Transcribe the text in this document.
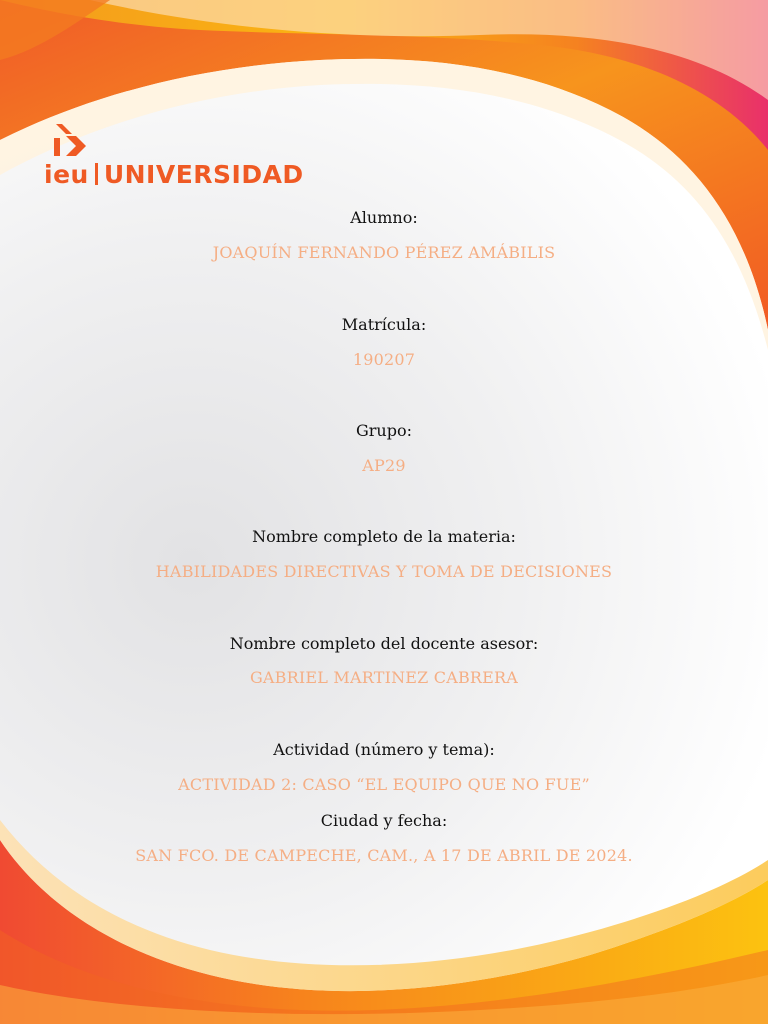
ieu UNIVERSIDAD
Alumno:
JOAQUÍN FERNANDO PÉREZ AMÁBILIS
Matrícula:
190207
Grupo:
AP29
Nombre completo de la materia:
HABILIDADES DIRECTIVAS Y TOMA DE DECISIONES
Nombre completo del docente asesor:
GABRIEL MARTINEZ CABRERA
Actividad (número y tema):
ACTIVIDAD 2: CASO “EL EQUIPO QUE NO FUE”
Ciudad y fecha:
SAN FCO. DE CAMPECHE, CAM., A 17 DE ABRIL DE 2024.
